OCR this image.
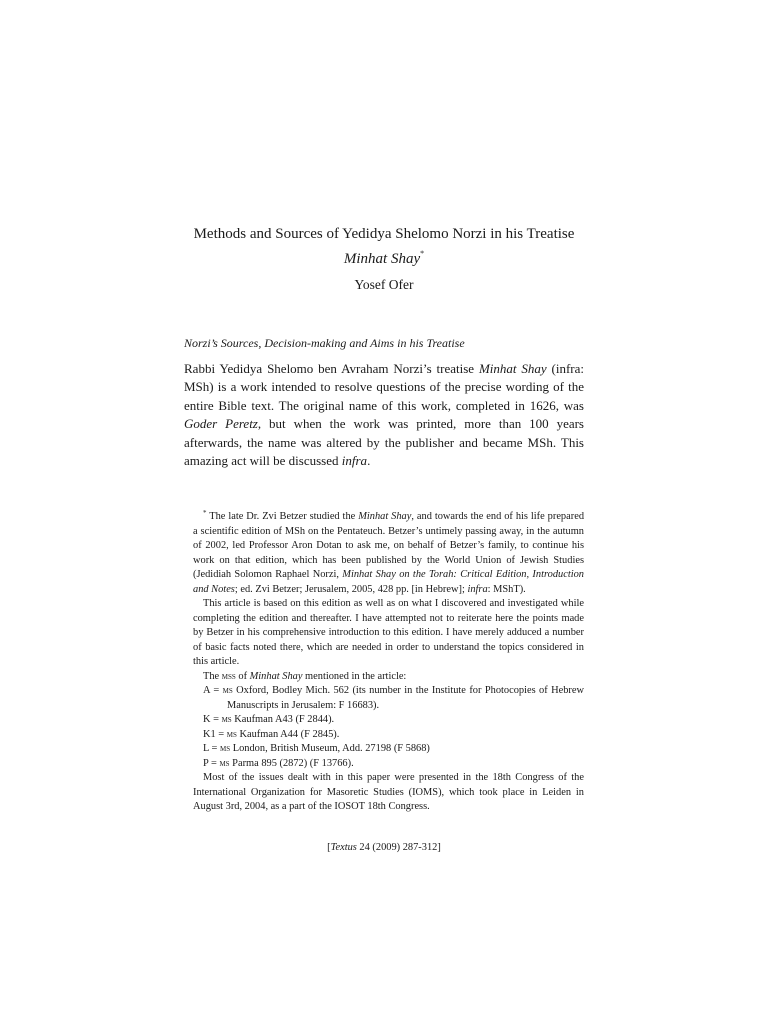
Methods and Sources of Yedidya Shelomo Norzi in his Treatise
Minhat Shay*
Yosef Ofer
Norzi’s Sources, Decision-making and Aims in his Treatise

Rabbi Yedidya Shelomo ben Avraham Norzi’s treatise Minhat Shay (infra: MSh) is a work intended to resolve questions of the precise wording of the entire Bible text. The original name of this work, completed in 1626, was Goder Peretz, but when the work was printed, more than 100 years afterwards, the name was altered by the publisher and became MSh. This amazing act will be discussed infra.

* The late Dr. Zvi Betzer studied the Minhat Shay, and towards the end of his life prepared a scientific edition of MSh on the Pentateuch. Betzer’s untimely passing away, in the autumn of 2002, led Professor Aron Dotan to ask me, on behalf of Betzer’s family, to continue his work on that edition, which has been published by the World Union of Jewish Studies (Jedidiah Solomon Raphael Norzi, Minhat Shay on the Torah: Critical Edition, Introduction and Notes; ed. Zvi Betzer; Jerusalem, 2005, 428 pp. [in Hebrew]; infra: MShT).

This article is based on this edition as well as on what I discovered and investigated while completing the edition and thereafter. I have attempted not to reiterate here the points made by Betzer in his comprehensive introduction to this edition. I have merely adduced a number of basic facts noted there, which are needed in order to understand the topics considered in this article.

The mss of Minhat Shay mentioned in the article:

A = ms Oxford, Bodley Mich. 562 (its number in the Institute for Photocopies of Hebrew Manuscripts in Jerusalem: F 16683).
K = ms Kaufman A43 (F 2844).
K1 = ms Kaufman A44 (F 2845).
L = ms London, British Museum, Add. 27198 (F 5868)
P = ms Parma 895 (2872) (F 13766).

Most of the issues dealt with in this paper were presented in the 18th Congress of the International Organization for Masoretic Studies (IOMS), which took place in Leiden in August 3rd, 2004, as a part of the IOSOT 18th Congress.

[Textus 24 (2009) 287-312]
